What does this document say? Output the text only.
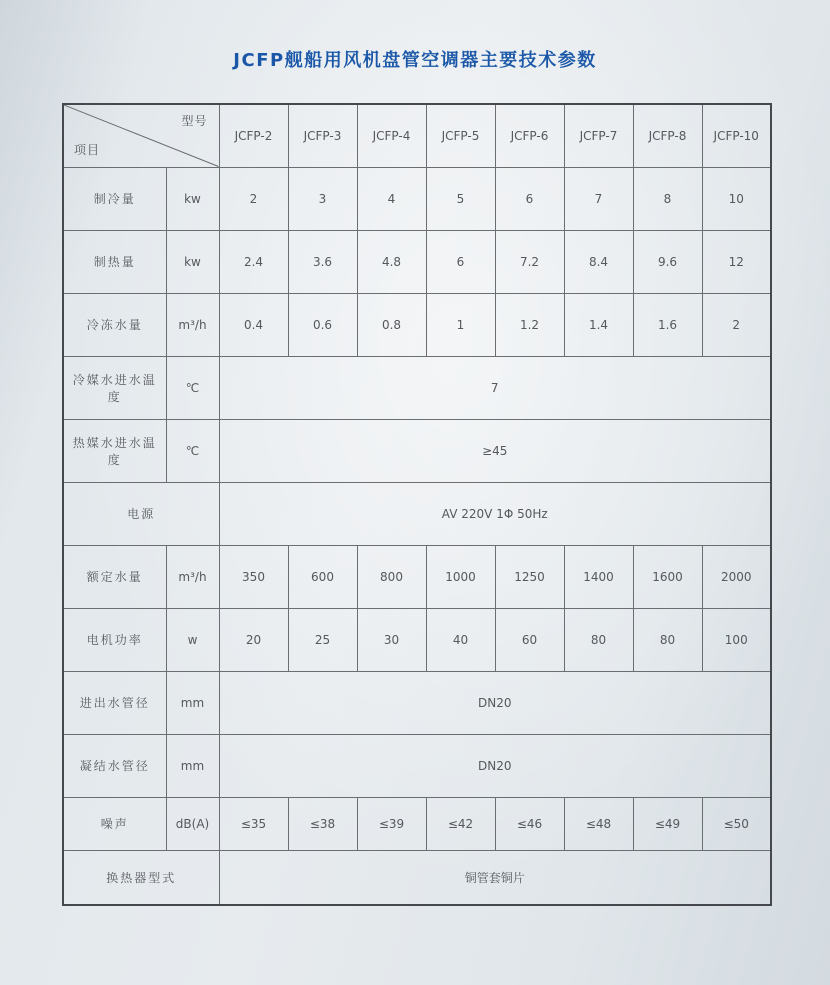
JCFP舰船用风机盘管空调器主要技术参数
型号
项目		JCFP-2	JCFP-3	JCFP-4	JCFP-5	JCFP-6	JCFP-7	JCFP-8	JCFP-10
制冷量	kw	2	3	4	5	6	7	8	10
制热量	kw	2.4	3.6	4.8	6	7.2	8.4	9.6	12
冷冻水量	m³/h	0.4	0.6	0.8	1	1.2	1.4	1.6	2
冷媒水进水温度	℃	7							
热媒水进水温度	℃	≥45							
电源		AV 220V 1Φ 50Hz							
额定水量	m³/h	350	600	800	1000	1250	1400	1600	2000
电机功率	w	20	25	30	40	60	80	80	100
进出水管径	mm	DN20							
凝结水管径	mm	DN20							
噪声	dB(A)	≤35	≤38	≤39	≤42	≤46	≤48	≤49	≤50
换热器型式		铜管套铜片							
